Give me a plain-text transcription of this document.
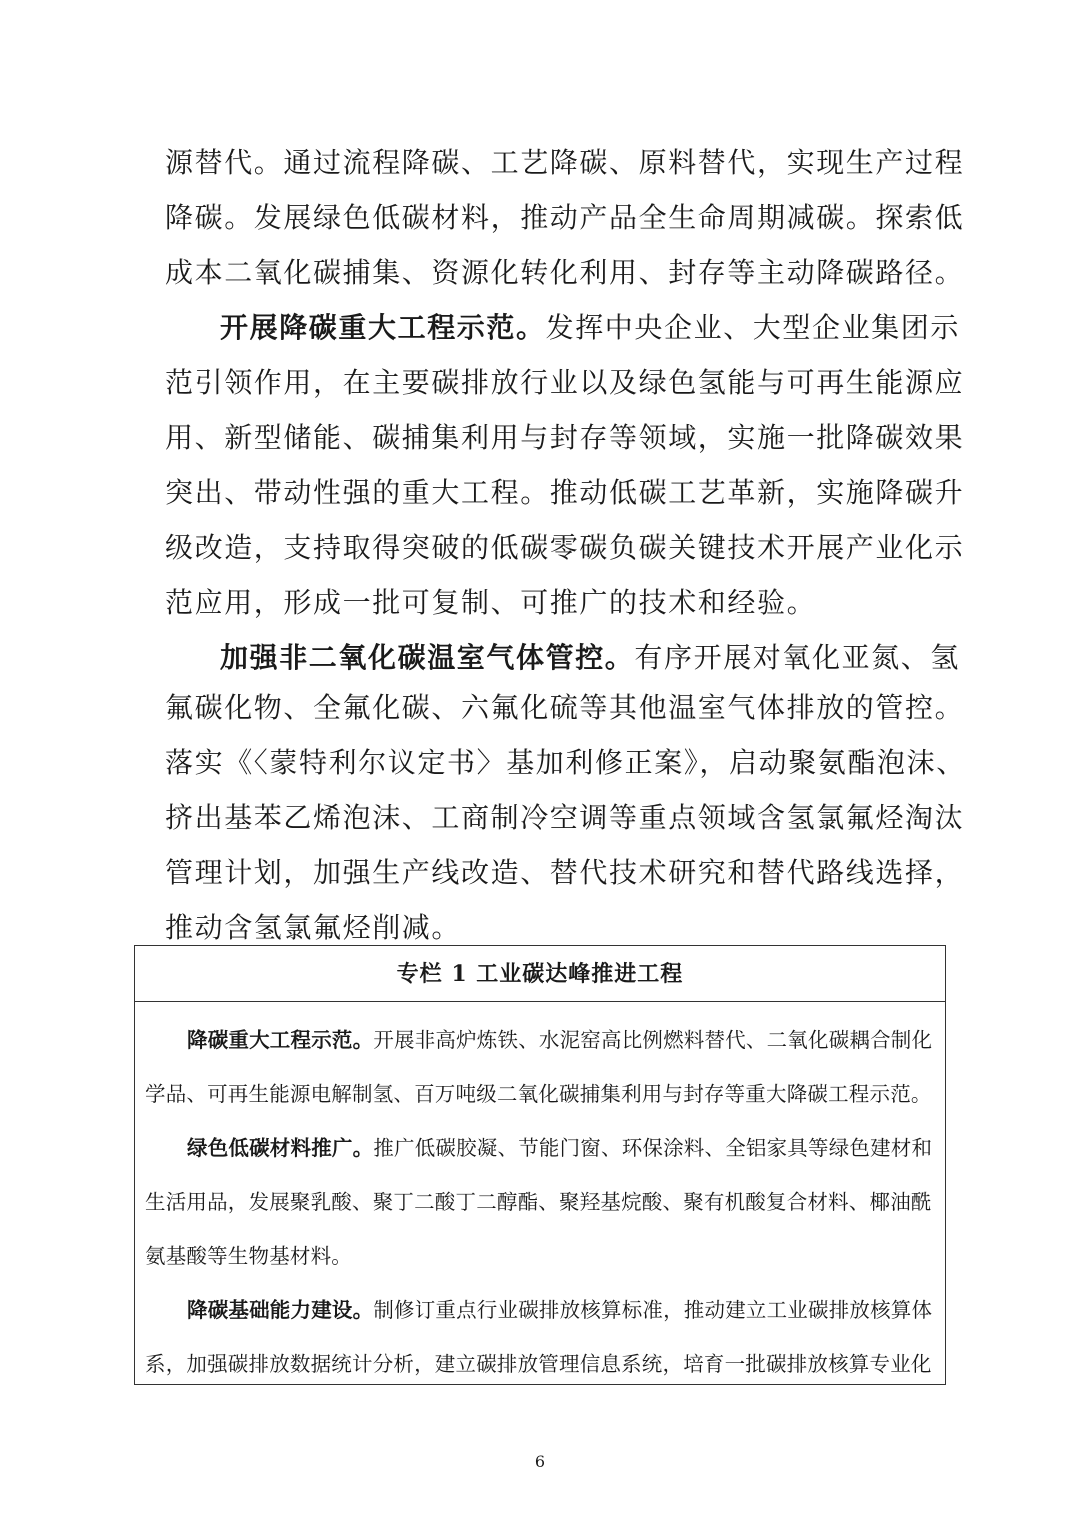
源替代。通过流程降碳、工艺降碳、原料替代，实现生产过程
降碳。发展绿色低碳材料，推动产品全生命周期减碳。探索低
成本二氧化碳捕集、资源化转化利用、封存等主动降碳路径。
开展降碳重大工程示范。发挥中央企业、大型企业集团示
范引领作用，在主要碳排放行业以及绿色氢能与可再生能源应
用、新型储能、碳捕集利用与封存等领域，实施一批降碳效果
突出、带动性强的重大工程。推动低碳工艺革新，实施降碳升
级改造，支持取得突破的低碳零碳负碳关键技术开展产业化示
范应用，形成一批可复制、可推广的技术和经验。
加强非二氧化碳温室气体管控。有序开展对氧化亚氮、氢
氟碳化物、全氟化碳、六氟化硫等其他温室气体排放的管控。
落实《〈蒙特利尔议定书〉基加利修正案》，启动聚氨酯泡沫、
挤出基苯乙烯泡沫、工商制冷空调等重点领域含氢氯氟烃淘汰
管理计划，加强生产线改造、替代技术研究和替代路线选择，
推动含氢氯氟烃削减。
专栏 1 工业碳达峰推进工程
降碳重大工程示范。开展非高炉炼铁、水泥窑高比例燃料替代、二氧化碳耦合制化
学品、可再生能源电解制氢、百万吨级二氧化碳捕集利用与封存等重大降碳工程示范。
绿色低碳材料推广。推广低碳胶凝、节能门窗、环保涂料、全铝家具等绿色建材和
生活用品，发展聚乳酸、聚丁二酸丁二醇酯、聚羟基烷酸、聚有机酸复合材料、椰油酰
氨基酸等生物基材料。
降碳基础能力建设。制修订重点行业碳排放核算标准，推动建立工业碳排放核算体
系，加强碳排放数据统计分析，建立碳排放管理信息系统，培育一批碳排放核算专业化
6
